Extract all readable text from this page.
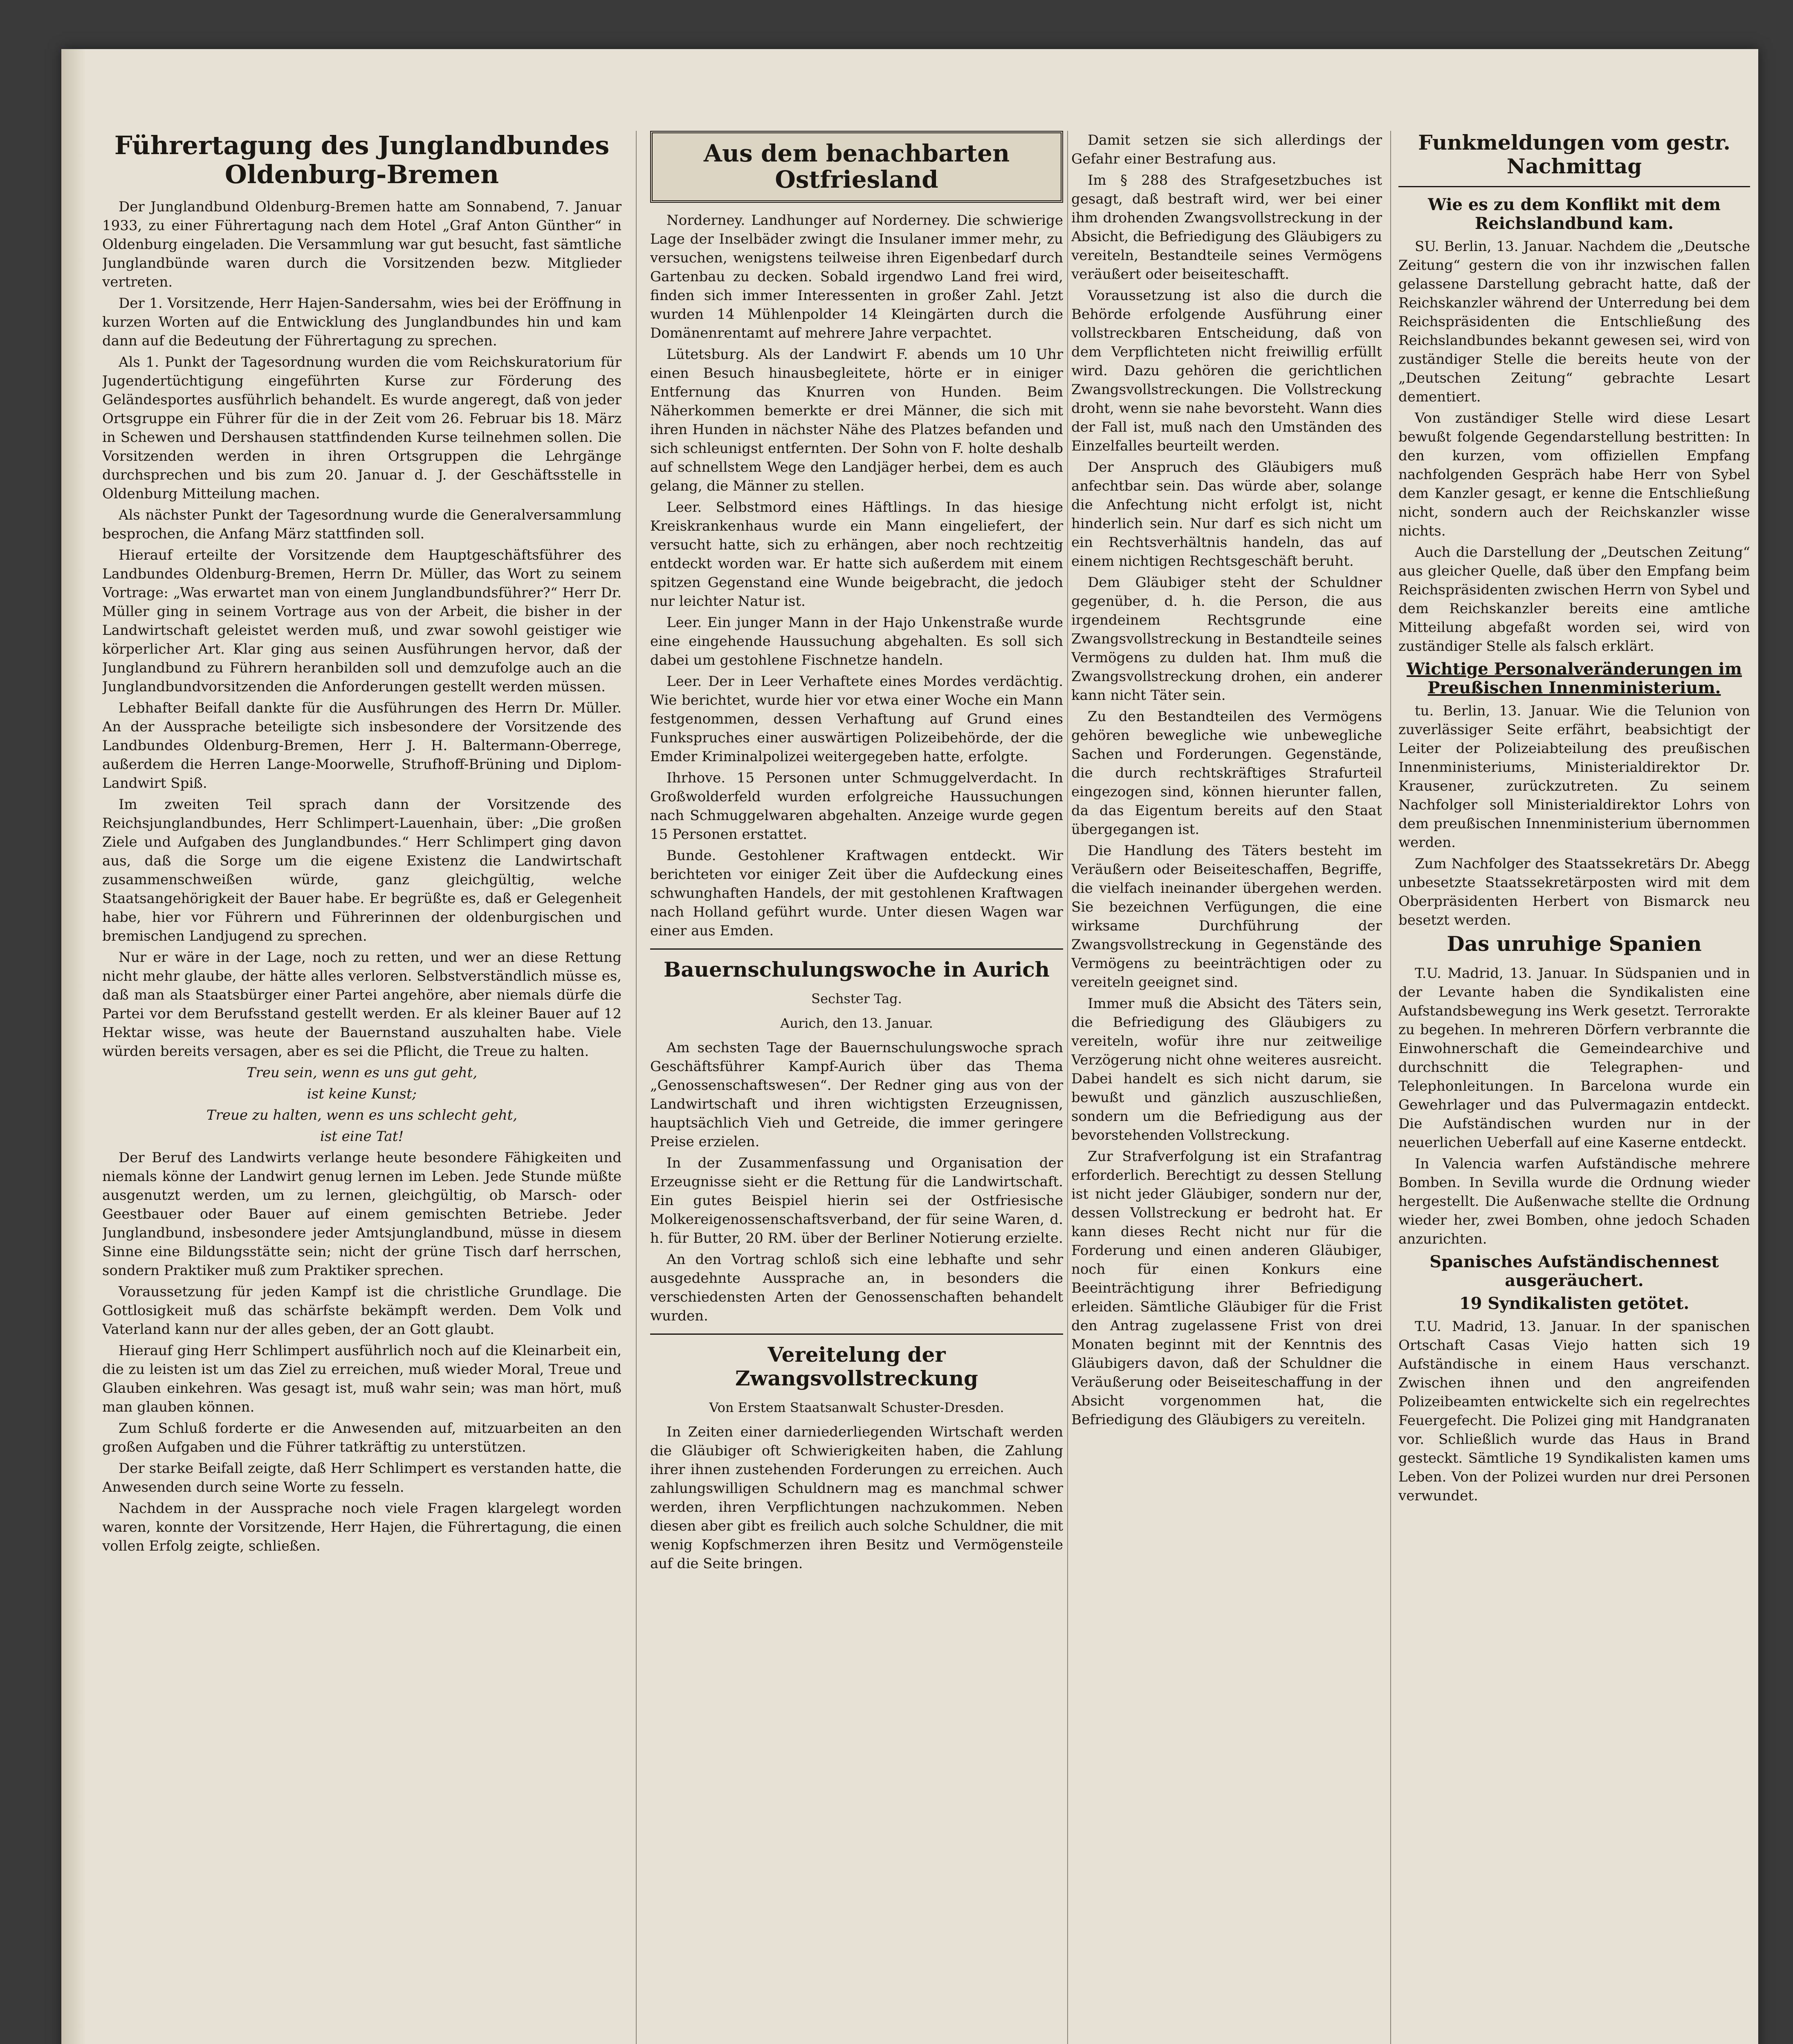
Führertagung des Junglandbundes Oldenburg-Bremen

Der Junglandbund Oldenburg-Bremen hatte am Sonnabend, 7. Januar 1933, zu einer Führertagung nach dem Hotel „Graf Anton Günther“ in Oldenburg eingeladen. Die Versammlung war gut besucht, fast sämtliche Junglandbünde waren durch die Vorsitzenden bezw. Mitglieder vertreten.

Der 1. Vorsitzende, Herr Hajen-Sandersahm, wies bei der Eröffnung in kurzen Worten auf die Entwicklung des Junglandbundes hin und kam dann auf die Bedeutung der Führertagung zu sprechen.

Als 1. Punkt der Tagesordnung wurden die vom Reichskuratorium für Jugendertüchtigung eingeführten Kurse zur Förderung des Geländesportes ausführlich behandelt. Es wurde angeregt, daß von jeder Ortsgruppe ein Führer für die in der Zeit vom 26. Februar bis 18. März in Schewen und Dershausen stattfindenden Kurse teilnehmen sollen. Die Vorsitzenden werden in ihren Ortsgruppen die Lehrgänge durchsprechen und bis zum 20. Januar d. J. der Geschäftsstelle in Oldenburg Mitteilung machen.

Als nächster Punkt der Tagesordnung wurde die Generalversammlung besprochen, die Anfang März stattfinden soll.

Hierauf erteilte der Vorsitzende dem Hauptgeschäftsführer des Landbundes Oldenburg-Bremen, Herrn Dr. Müller, das Wort zu seinem Vortrage: „Was erwartet man von einem Junglandbundsführer?“ Herr Dr. Müller ging in seinem Vortrage aus von der Arbeit, die bisher in der Landwirtschaft geleistet werden muß, und zwar sowohl geistiger wie körperlicher Art. Klar ging aus seinen Ausführungen hervor, daß der Junglandbund zu Führern heranbilden soll und demzufolge auch an die Junglandbundvorsitzenden die Anforderungen gestellt werden müssen.

Lebhafter Beifall dankte für die Ausführungen des Herrn Dr. Müller. An der Aussprache beteiligte sich insbesondere der Vorsitzende des Landbundes Oldenburg-Bremen, Herr J. H. Baltermann-Oberrege, außerdem die Herren Lange-Moorwelle, Strufhoff-Brüning und Diplom-Landwirt Spiß.

Im zweiten Teil sprach dann der Vorsitzende des Reichsjunglandbundes, Herr Schlimpert-Lauenhain, über: „Die großen Ziele und Aufgaben des Junglandbundes.“ Herr Schlimpert ging davon aus, daß die Sorge um die eigene Existenz die Landwirtschaft zusammenschweißen würde, ganz gleichgültig, welche Staatsangehörigkeit der Bauer habe. Er begrüßte es, daß er Gelegenheit habe, hier vor Führern und Führerinnen der oldenburgischen und bremischen Landjugend zu sprechen.

Nur er wäre in der Lage, noch zu retten, und wer an diese Rettung nicht mehr glaube, der hätte alles verloren. Selbstverständlich müsse es, daß man als Staatsbürger einer Partei angehöre, aber niemals dürfe die Partei vor dem Berufsstand gestellt werden. Er als kleiner Bauer auf 12 Hektar wisse, was heute der Bauernstand auszuhalten habe. Viele würden bereits versagen, aber es sei die Pflicht, die Treue zu halten.

Treu sein, wenn es uns gut geht,

ist keine Kunst;

Treue zu halten, wenn es uns schlecht geht,

ist eine Tat!

Der Beruf des Landwirts verlange heute besondere Fähigkeiten und niemals könne der Landwirt genug lernen im Leben. Jede Stunde müßte ausgenutzt werden, um zu lernen, gleichgültig, ob Marsch- oder Geestbauer oder Bauer auf einem gemischten Betriebe. Jeder Junglandbund, insbesondere jeder Amtsjunglandbund, müsse in diesem Sinne eine Bildungsstätte sein; nicht der grüne Tisch darf herrschen, sondern Praktiker muß zum Praktiker sprechen.

Voraussetzung für jeden Kampf ist die christliche Grundlage. Die Gottlosigkeit muß das schärfste bekämpft werden. Dem Volk und Vaterland kann nur der alles geben, der an Gott glaubt.

Hierauf ging Herr Schlimpert ausführlich noch auf die Kleinarbeit ein, die zu leisten ist um das Ziel zu erreichen, muß wieder Moral, Treue und Glauben einkehren. Was gesagt ist, muß wahr sein; was man hört, muß man glauben können.

Zum Schluß forderte er die Anwesenden auf, mitzuarbeiten an den großen Aufgaben und die Führer tatkräftig zu unterstützen.

Der starke Beifall zeigte, daß Herr Schlimpert es verstanden hatte, die Anwesenden durch seine Worte zu fesseln.

Nachdem in der Aussprache noch viele Fragen klargelegt worden waren, konnte der Vorsitzende, Herr Hajen, die Führertagung, die einen vollen Erfolg zeigte, schließen.

Aus dem benachbarten Ostfriesland

Norderney. Landhunger auf Norderney. Die schwierige Lage der Inselbäder zwingt die Insulaner immer mehr, zu versuchen, wenigstens teilweise ihren Eigenbedarf durch Gartenbau zu decken. Sobald irgendwo Land frei wird, finden sich immer Interessenten in großer Zahl. Jetzt wurden 14 Mühlenpolder 14 Kleingärten durch die Domänenrentamt auf mehrere Jahre verpachtet.

Lütetsburg. Als der Landwirt F. abends um 10 Uhr einen Besuch hinausbegleitete, hörte er in einiger Entfernung das Knurren von Hunden. Beim Näherkommen bemerkte er drei Männer, die sich mit ihren Hunden in nächster Nähe des Platzes befanden und sich schleunigst entfernten. Der Sohn von F. holte deshalb auf schnellstem Wege den Landjäger herbei, dem es auch gelang, die Männer zu stellen.

Leer. Selbstmord eines Häftlings. In das hiesige Kreiskrankenhaus wurde ein Mann eingeliefert, der versucht hatte, sich zu erhängen, aber noch rechtzeitig entdeckt worden war. Er hatte sich außerdem mit einem spitzen Gegenstand eine Wunde beigebracht, die jedoch nur leichter Natur ist.

Leer. Ein junger Mann in der Hajo Unkenstraße wurde eine eingehende Haussuchung abgehalten. Es soll sich dabei um gestohlene Fischnetze handeln.

Leer. Der in Leer Verhaftete eines Mordes verdächtig. Wie berichtet, wurde hier vor etwa einer Woche ein Mann festgenommen, dessen Verhaftung auf Grund eines Funkspruches einer auswärtigen Polizeibehörde, der die Emder Kriminalpolizei weitergegeben hatte, erfolgte.

Ihrhove. 15 Personen unter Schmuggelverdacht. In Großwolderfeld wurden erfolgreiche Haussuchungen nach Schmuggelwaren abgehalten. Anzeige wurde gegen 15 Personen erstattet.

Bunde. Gestohlener Kraftwagen entdeckt. Wir berichteten vor einiger Zeit über die Aufdeckung eines schwunghaften Handels, der mit gestohlenen Kraftwagen nach Holland geführt wurde. Unter diesen Wagen war einer aus Emden.

Bauernschulungswoche in Aurich
Sechster Tag.
Aurich, den 13. Januar.

Am sechsten Tage der Bauernschulungswoche sprach Geschäftsführer Kampf-Aurich über das Thema „Genossenschaftswesen“. Der Redner ging aus von der Landwirtschaft und ihren wichtigsten Erzeugnissen, hauptsächlich Vieh und Getreide, die immer geringere Preise erzielen.

In der Zusammenfassung und Organisation der Erzeugnisse sieht er die Rettung für die Landwirtschaft. Ein gutes Beispiel hierin sei der Ostfriesische Molkereigenossenschaftsverband, der für seine Waren, d. h. für Butter, 20 RM. über der Berliner Notierung erzielte.

An den Vortrag schloß sich eine lebhafte und sehr ausgedehnte Aussprache an, in besonders die verschiedensten Arten der Genossenschaften behandelt wurden.

Vereitelung der Zwangsvollstreckung
Von Erstem Staatsanwalt Schuster-Dresden.

In Zeiten einer darniederliegenden Wirtschaft werden die Gläubiger oft Schwierigkeiten haben, die Zahlung ihrer ihnen zustehenden Forderungen zu erreichen. Auch zahlungswilligen Schuldnern mag es manchmal schwer werden, ihren Verpflichtungen nachzukommen. Neben diesen aber gibt es freilich auch solche Schuldner, die mit wenig Kopfschmerzen ihren Besitz und Vermögensteile auf die Seite bringen.

Damit setzen sie sich allerdings der Gefahr einer Bestrafung aus.

Im § 288 des Strafgesetzbuches ist gesagt, daß bestraft wird, wer bei einer ihm drohenden Zwangsvollstreckung in der Absicht, die Befriedigung des Gläubigers zu vereiteln, Bestandteile seines Vermögens veräußert oder beiseiteschafft.

Voraussetzung ist also die durch die Behörde erfolgende Ausführung einer vollstreckbaren Entscheidung, daß von dem Verpflichteten nicht freiwillig erfüllt wird. Dazu gehören die gerichtlichen Zwangsvollstreckungen. Die Vollstreckung droht, wenn sie nahe bevorsteht. Wann dies der Fall ist, muß nach den Umständen des Einzelfalles beurteilt werden.

Der Anspruch des Gläubigers muß anfechtbar sein. Das würde aber, solange die Anfechtung nicht erfolgt ist, nicht hinderlich sein. Nur darf es sich nicht um ein Rechtsverhältnis handeln, das auf einem nichtigen Rechtsgeschäft beruht.

Dem Gläubiger steht der Schuldner gegenüber, d. h. die Person, die aus irgendeinem Rechtsgrunde eine Zwangsvollstreckung in Bestandteile seines Vermögens zu dulden hat. Ihm muß die Zwangsvollstreckung drohen, ein anderer kann nicht Täter sein.

Zu den Bestandteilen des Vermögens gehören bewegliche wie unbewegliche Sachen und Forderungen. Gegenstände, die durch rechtskräftiges Strafurteil eingezogen sind, können hierunter fallen, da das Eigentum bereits auf den Staat übergegangen ist.

Die Handlung des Täters besteht im Veräußern oder Beiseiteschaffen, Begriffe, die vielfach ineinander übergehen werden. Sie bezeichnen Verfügungen, die eine wirksame Durchführung der Zwangsvollstreckung in Gegenstände des Vermögens zu beeinträchtigen oder zu vereiteln geeignet sind.

Immer muß die Absicht des Täters sein, die Befriedigung des Gläubigers zu vereiteln, wofür ihre nur zeitweilige Verzögerung nicht ohne weiteres ausreicht. Dabei handelt es sich nicht darum, sie bewußt und gänzlich auszuschließen, sondern um die Befriedigung aus der bevorstehenden Vollstreckung.

Zur Strafverfolgung ist ein Strafantrag erforderlich. Berechtigt zu dessen Stellung ist nicht jeder Gläubiger, sondern nur der, dessen Vollstreckung er bedroht hat. Er kann dieses Recht nicht nur für die Forderung und einen anderen Gläubiger, noch für einen Konkurs eine Beeinträchtigung ihrer Befriedigung erleiden. Sämtliche Gläubiger für die Frist den Antrag zugelassene Frist von drei Monaten beginnt mit der Kenntnis des Gläubigers davon, daß der Schuldner die Veräußerung oder Beiseiteschaffung in der Absicht vorgenommen hat, die Befriedigung des Gläubigers zu vereiteln.

Funkmeldungen vom gestr. Nachmittag
Wie es zu dem Konflikt mit dem Reichslandbund kam.

SU. Berlin, 13. Januar. Nachdem die „Deutsche Zeitung“ gestern die von ihr inzwischen fallen gelassene Darstellung gebracht hatte, daß der Reichskanzler während der Unterredung bei dem Reichspräsidenten die Entschließung des Reichslandbundes bekannt gewesen sei, wird von zuständiger Stelle die bereits heute von der „Deutschen Zeitung“ gebrachte Lesart dementiert.

Von zuständiger Stelle wird diese Lesart bewußt folgende Gegendarstellung bestritten: In den kurzen, vom offiziellen Empfang nachfolgenden Gespräch habe Herr von Sybel dem Kanzler gesagt, er kenne die Entschließung nicht, sondern auch der Reichskanzler wisse nichts.

Auch die Darstellung der „Deutschen Zeitung“ aus gleicher Quelle, daß über den Empfang beim Reichspräsidenten zwischen Herrn von Sybel und dem Reichskanzler bereits eine amtliche Mitteilung abgefaßt worden sei, wird von zuständiger Stelle als falsch erklärt.

Wichtige Personalveränderungen im Preußischen Innenministerium.

tu. Berlin, 13. Januar. Wie die Telunion von zuverlässiger Seite erfährt, beabsichtigt der Leiter der Polizeiabteilung des preußischen Innenministeriums, Ministerialdirektor Dr. Krausener, zurückzutreten. Zu seinem Nachfolger soll Ministerialdirektor Lohrs von dem preußischen Innenministerium übernommen werden.

Zum Nachfolger des Staatssekretärs Dr. Abegg unbesetzte Staatssekretärposten wird mit dem Oberpräsidenten Herbert von Bismarck neu besetzt werden.

Das unruhige Spanien

T.U. Madrid, 13. Januar. In Südspanien und in der Levante haben die Syndikalisten eine Aufstandsbewegung ins Werk gesetzt. Terrorakte zu begehen. In mehreren Dörfern verbrannte die Einwohnerschaft die Gemeindearchive und durchschnitt die Telegraphen- und Telephonleitungen. In Barcelona wurde ein Gewehrlager und das Pulvermagazin entdeckt. Die Aufständischen wurden nur in der neuerlichen Ueberfall auf eine Kaserne entdeckt.

In Valencia warfen Aufständische mehrere Bomben. In Sevilla wurde die Ordnung wieder hergestellt. Die Außenwache stellte die Ordnung wieder her, zwei Bomben, ohne jedoch Schaden anzurichten.

Spanisches Aufständischennest ausgeräuchert.
19 Syndikalisten getötet.

T.U. Madrid, 13. Januar. In der spanischen Ortschaft Casas Viejo hatten sich 19 Aufständische in einem Haus verschanzt. Zwischen ihnen und den angreifenden Polizeibeamten entwickelte sich ein regelrechtes Feuergefecht. Die Polizei ging mit Handgranaten vor. Schließlich wurde das Haus in Brand gesteckt. Sämtliche 19 Syndikalisten kamen ums Leben. Von der Polizei wurden nur drei Personen verwundet.
